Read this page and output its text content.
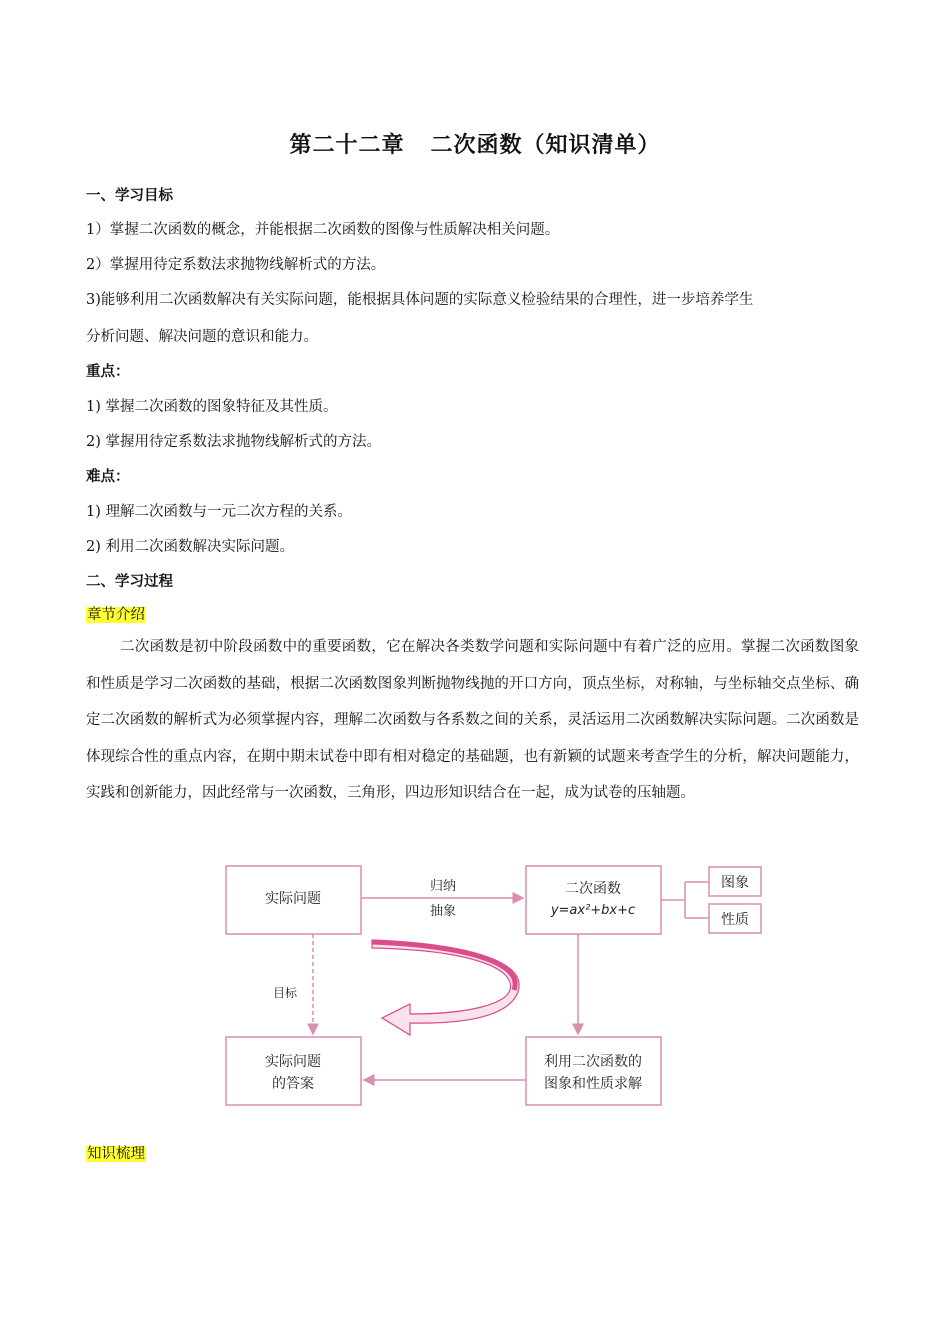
第二十二章 二次函数（知识清单）
一、学习目标
1）掌握二次函数的概念，并能根据二次函数的图像与性质解决相关问题。
2）掌握用待定系数法求抛物线解析式的方法。
3)能够利用二次函数解决有关实际问题，能根据具体问题的实际意义检验结果的合理性，进一步培养学生
分析问题、解决问题的意识和能力。
重点：
1) 掌握二次函数的图象特征及其性质。
2) 掌握用待定系数法求抛物线解析式的方法。
难点：
1) 理解二次函数与一元二次方程的关系。
2) 利用二次函数解决实际问题。
二、学习过程
章节介绍
二次函数是初中阶段函数中的重要函数，它在解决各类数学问题和实际问题中有着广泛的应用。掌握二次函数图象和性质是学习二次函数的基础，根据二次函数图象判断抛物线抛的开口方向，顶点坐标，对称轴，与坐标轴交点坐标、确定二次函数的解析式为必须掌握内容，理解二次函数与各系数之间的关系，灵活运用二次函数解决实际问题。二次函数是体现综合性的重点内容，在期中期末试卷中即有相对稳定的基础题，也有新颖的试题来考查学生的分析，解决问题能力，实践和创新能力，因此经常与一次函数，三角形，四边形知识结合在一起，成为试卷的压轴题。
实际问题
归纳
抽象
二次函数
y=ax²+bx+c
图象
性质
目标
实际问题
的答案
利用二次函数的
图象和性质求解
知识梳理
